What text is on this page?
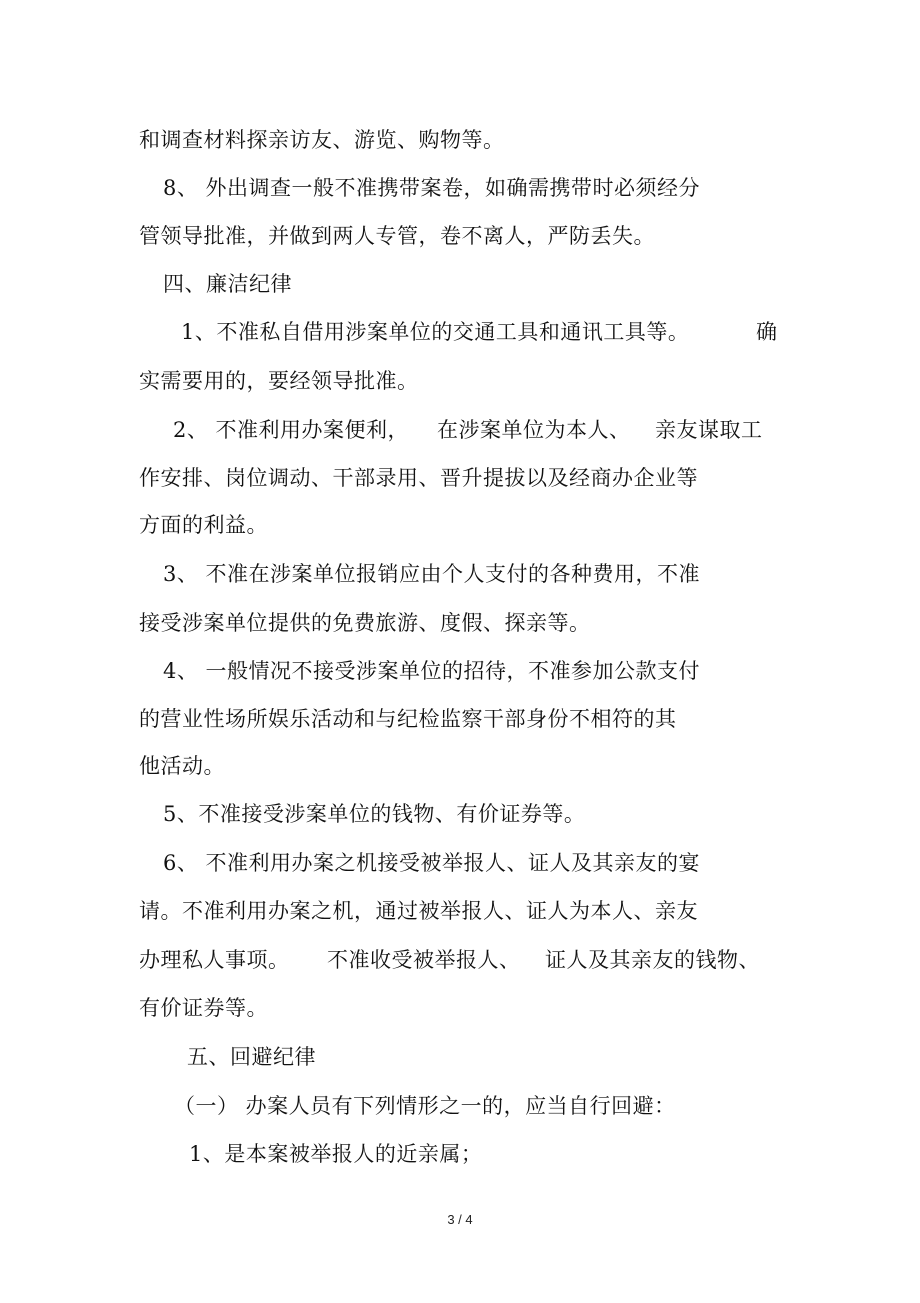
和调查材料探亲访友、游览、购物等。
8、 外出调查一般不准携带案卷，如确需携带时必须经分
管领导批准，并做到两人专管，卷不离人，严防丢失。
四、廉洁纪律
1、不准私自借用涉案单位的交通工具和通讯工具等。	确
实需要用的，要经领导批准。
2、 不准利用办案便利， 在涉案单位为本人、 亲友谋取工
作安排、岗位调动、干部录用、晋升提拔以及经商办企业等
方面的利益。
3、 不准在涉案单位报销应由个人支付的各种费用，不准
接受涉案单位提供的免费旅游、度假、探亲等。
4、 一般情况不接受涉案单位的招待，不准参加公款支付
的营业性场所娱乐活动和与纪检监察干部身份不相符的其
他活动。
5、不准接受涉案单位的钱物、有价证券等。
6、 不准利用办案之机接受被举报人、证人及其亲友的宴
请。不准利用办案之机，通过被举报人、证人为本人、亲友
办理私人事项。 不准收受被举报人、 证人及其亲友的钱物、
有价证券等。
五、回避纪律
（一） 办案人员有下列情形之一的，应当自行回避：
1、是本案被举报人的近亲属；
3 / 4
